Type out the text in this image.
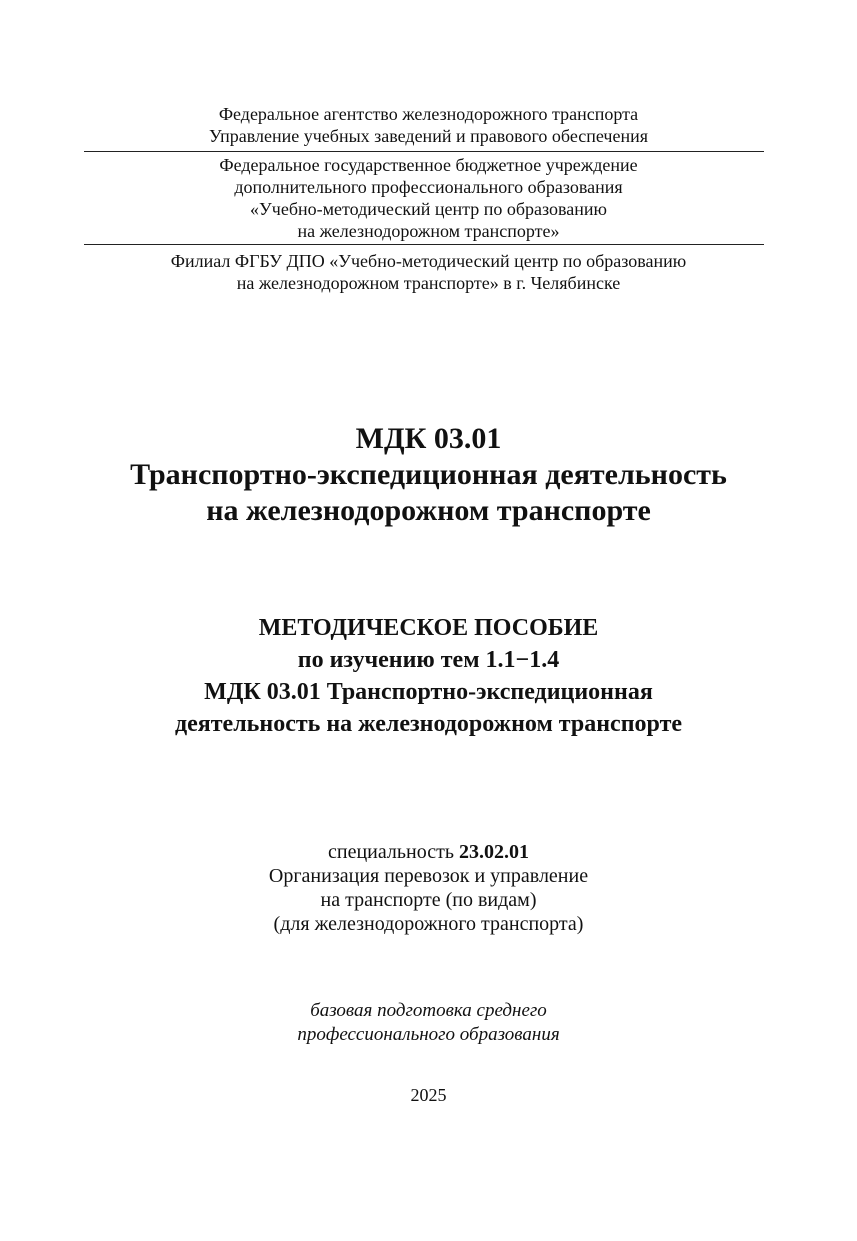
Федеральное агентство железнодорожного транспорта
Управление учебных заведений и правового обеспечения
Федеральное государственное бюджетное учреждение
дополнительного профессионального образования
«Учебно-методический центр по образованию
на железнодорожном транспорте»
Филиал ФГБУ ДПО «Учебно-методический центр по образованию
на железнодорожном транспорте» в г. Челябинске
МДК 03.01
Транспортно-экспедиционная деятельность
на железнодорожном транспорте
МЕТОДИЧЕСКОЕ ПОСОБИЕ
по изучению тем 1.1−1.4
МДК 03.01 Транспортно-экспедиционная
деятельность на железнодорожном транспорте
специальность 23.02.01
Организация перевозок и управление
на транспорте (по видам)
(для железнодорожного транспорта)
базовая подготовка среднего
профессионального образования
2025
